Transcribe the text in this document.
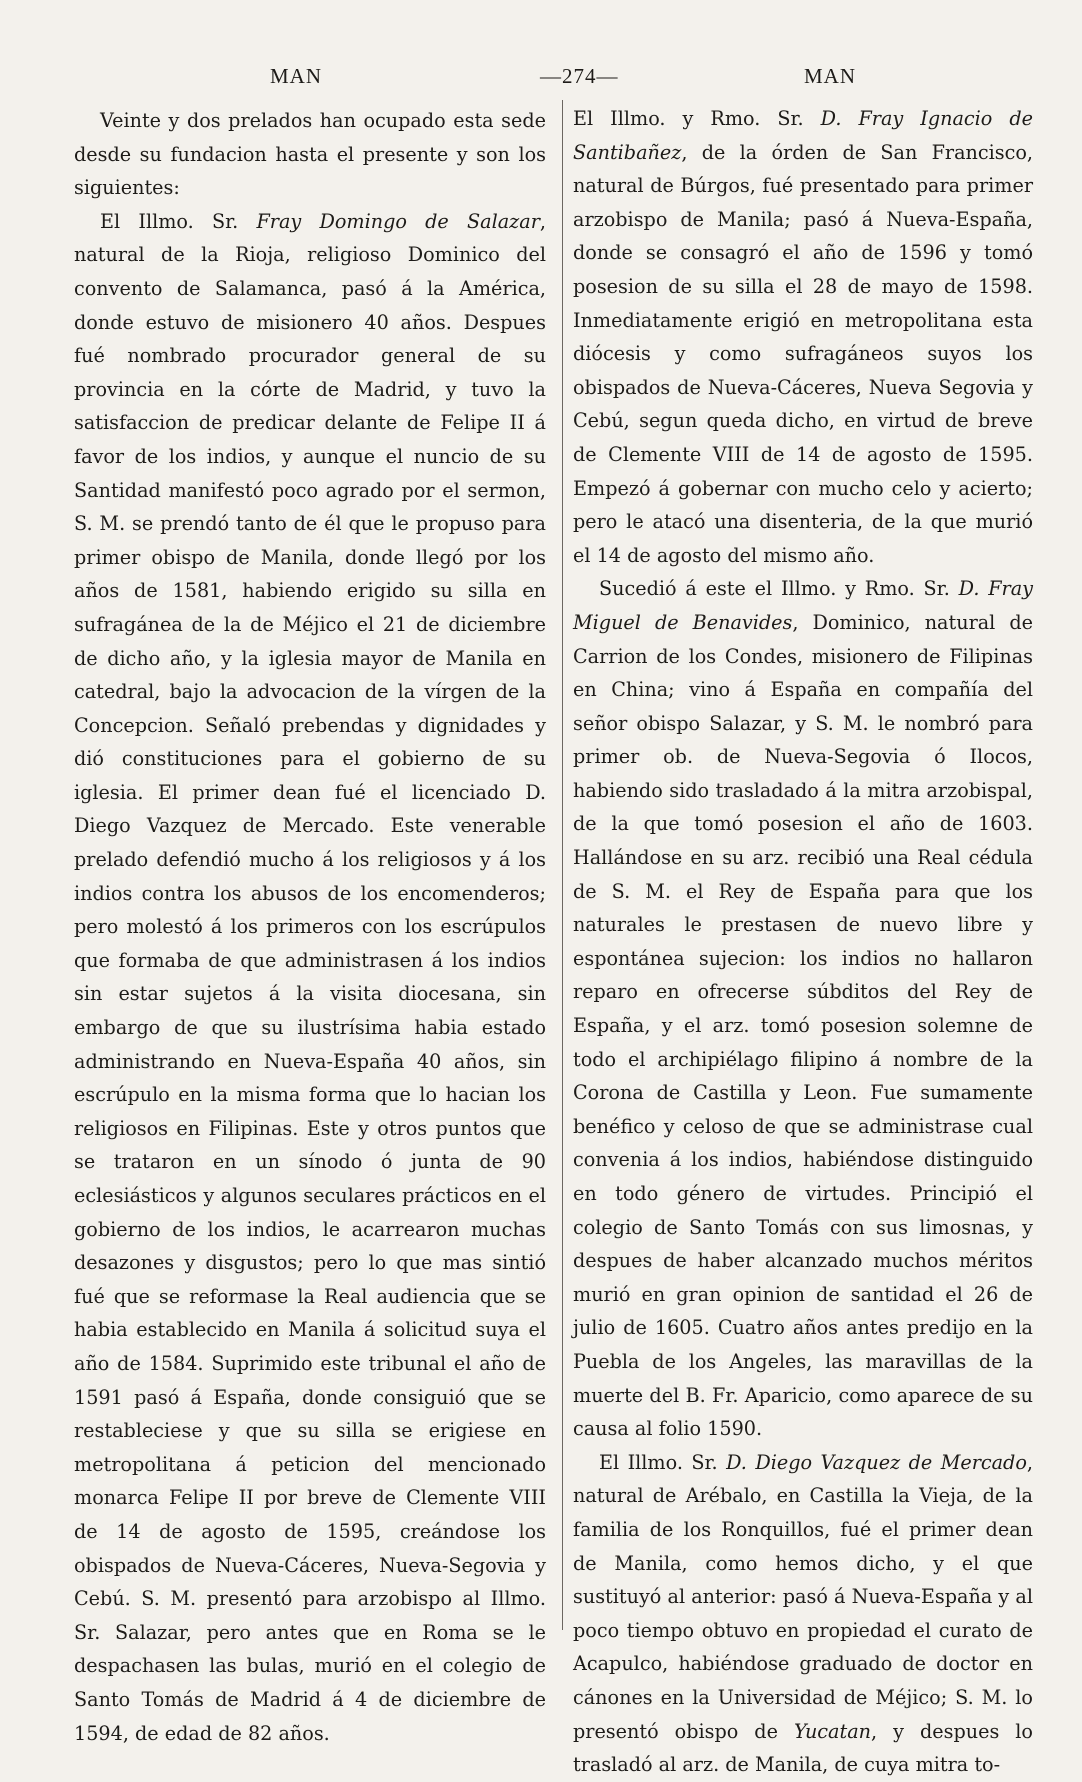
MAN	—274—	MAN

Veinte y dos prelados han ocupado esta sede desde su fundacion hasta el presente y son los siguientes:

El Illmo. Sr. Fray Domingo de Salazar, natural de la Rioja, religioso Dominico del convento de Salamanca, pasó á la América, donde estuvo de misionero 40 años. Despues fué nombrado procurador general de su provincia en la córte de Madrid, y tuvo la satisfaccion de predicar delante de Felipe II á favor de los indios, y aunque el nuncio de su Santidad manifestó poco agrado por el sermon, S. M. se prendó tanto de él que le propuso para primer obispo de Manila, donde llegó por los años de 1581, habiendo erigido su silla en sufragánea de la de Méjico el 21 de diciembre de dicho año, y la iglesia mayor de Manila en catedral, bajo la advocacion de la vírgen de la Concepcion. Señaló prebendas y dignidades y dió constituciones para el gobierno de su iglesia. El primer dean fué el licenciado D. Diego Vazquez de Mercado. Este venerable prelado defendió mucho á los religiosos y á los indios contra los abusos de los encomenderos; pero molestó á los primeros con los escrúpulos que formaba de que administrasen á los indios sin estar sujetos á la visita diocesana, sin embargo de que su ilustrísima habia estado administrando en Nueva-España 40 años, sin escrúpulo en la misma forma que lo hacian los religiosos en Filipinas. Este y otros puntos que se trataron en un sínodo ó junta de 90 eclesiásticos y algunos seculares prácticos en el gobierno de los indios, le acarrearon muchas desazones y disgustos; pero lo que mas sintió fué que se reformase la Real audiencia que se habia establecido en Manila á solicitud suya el año de 1584. Suprimido este tribunal el año de 1591 pasó á España, donde consiguió que se restableciese y que su silla se erigiese en metropolitana á peticion del mencionado monarca Felipe II por breve de Clemente VIII de 14 de agosto de 1595, creándose los obispados de Nueva-Cáceres, Nueva-Segovia y Cebú. S. M. presentó para arzobispo al Illmo. Sr. Salazar, pero antes que en Roma se le despachasen las bulas, murió en el colegio de Santo Tomás de Madrid á 4 de diciembre de 1594, de edad de 82 años.

El Illmo. y Rmo. Sr. D. Fray Ignacio de Santibañez, de la órden de San Francisco, natural de Búrgos, fué presentado para primer arzobispo de Manila; pasó á Nueva-España, donde se consagró el año de 1596 y tomó posesion de su silla el 28 de mayo de 1598. Inmediatamente erigió en metropolitana esta diócesis y como sufragáneos suyos los obispados de Nueva-Cáceres, Nueva Segovia y Cebú, segun queda dicho, en virtud de breve de Clemente VIII de 14 de agosto de 1595. Empezó á gobernar con mucho celo y acierto; pero le atacó una disenteria, de la que murió el 14 de agosto del mismo año.

Sucedió á este el Illmo. y Rmo. Sr. D. Fray Miguel de Benavides, Dominico, natural de Carrion de los Condes, misionero de Filipinas en China; vino á España en compañía del señor obispo Salazar, y S. M. le nombró para primer ob. de Nueva-Segovia ó Ilocos, habiendo sido trasladado á la mitra arzobispal, de la que tomó posesion el año de 1603. Hallándose en su arz. recibió una Real cédula de S. M. el Rey de España para que los naturales le prestasen de nuevo libre y espontánea sujecion: los indios no hallaron reparo en ofrecerse súbditos del Rey de España, y el arz. tomó posesion solemne de todo el archipiélago filipino á nombre de la Corona de Castilla y Leon. Fue sumamente benéfico y celoso de que se administrase cual convenia á los indios, habiéndose distinguido en todo género de virtudes. Principió el colegio de Santo Tomás con sus limosnas, y despues de haber alcanzado muchos méritos murió en gran opinion de santidad el 26 de julio de 1605. Cuatro años antes predijo en la Puebla de los Angeles, las maravillas de la muerte del B. Fr. Aparicio, como aparece de su causa al folio 1590.

El Illmo. Sr. D. Diego Vazquez de Mercado, natural de Arébalo, en Castilla la Vieja, de la familia de los Ronquillos, fué el primer dean de Manila, como hemos dicho, y el que sustituyó al anterior: pasó á Nueva-España y al poco tiempo obtuvo en propiedad el curato de Acapulco, habiéndose graduado de doctor en cánones en la Universidad de Méjico; S. M. lo presentó obispo de Yucatan, y despues lo trasladó al arz. de Manila, de cuya mitra to-
